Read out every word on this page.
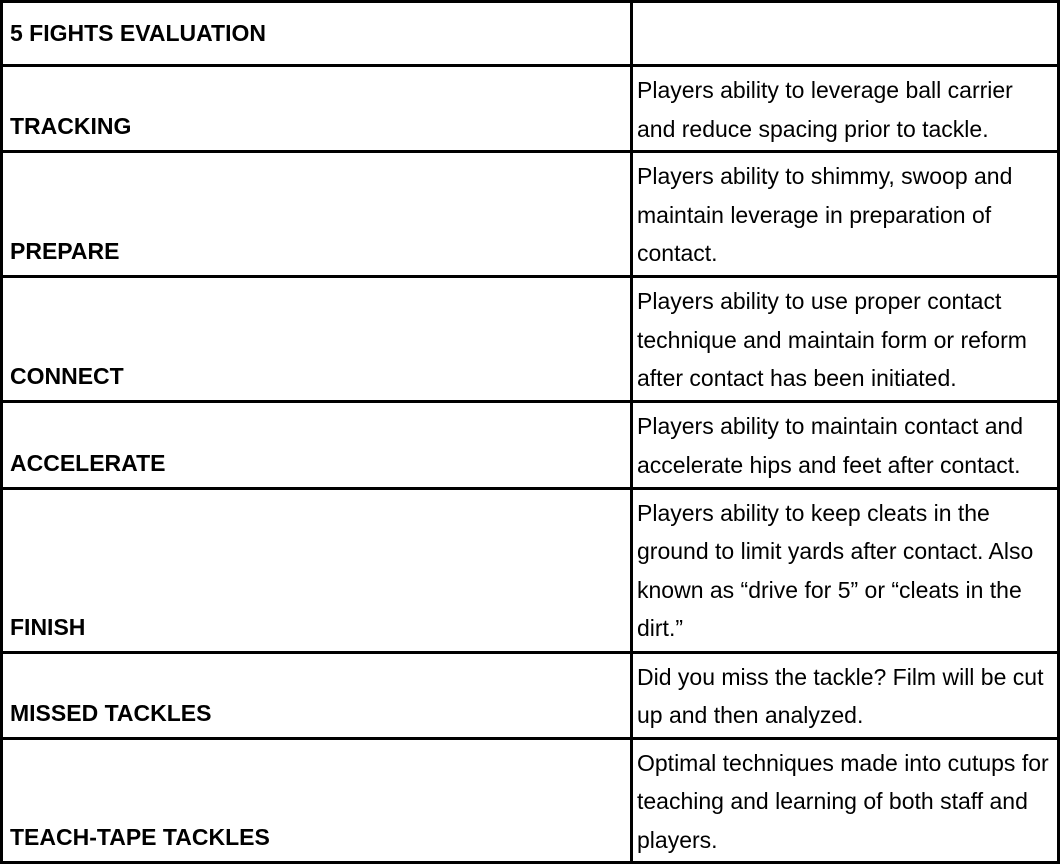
5 FIGHTS EVALUATION	
TRACKING	Players ability to leverage ball carrier and reduce spacing prior to tackle.
PREPARE	Players ability to shimmy, swoop and maintain leverage in preparation of contact.
CONNECT	Players ability to use proper contact technique and maintain form or reform after contact has been initiated.
ACCELERATE	Players ability to maintain contact and accelerate hips and feet after contact.
FINISH	Players ability to keep cleats in the ground to limit yards after contact. Also known as “drive for 5” or “cleats in the dirt.”
MISSED TACKLES	Did you miss the tackle? Film will be cut up and then analyzed.
TEACH-TAPE TACKLES	Optimal techniques made into cutups for teaching and learning of both staff and players.
